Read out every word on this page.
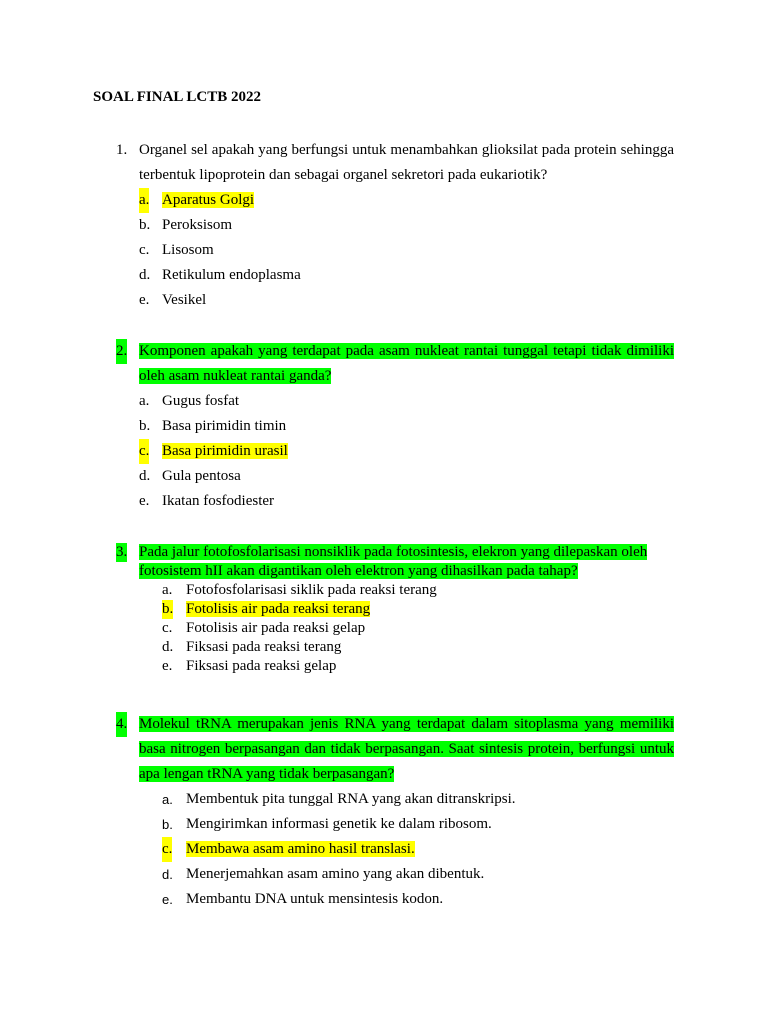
SOAL FINAL LCTB 2022
1. Organel sel apakah yang berfungsi untuk menambahkan glioksilat pada protein sehingga terbentuk lipoprotein dan sebagai organel sekretori pada eukariotik?
a. Aparatus Golgi
b. Peroksisom
c. Lisosom
d. Retikulum endoplasma
e. Vesikel
2. Komponen apakah yang terdapat pada asam nukleat rantai tunggal tetapi tidak dimiliki oleh asam nukleat rantai ganda?
a. Gugus fosfat
b. Basa pirimidin timin
c. Basa pirimidin urasil
d. Gula pentosa
e. Ikatan fosfodiester
3. Pada jalur fotofosfolarisasi nonsiklik pada fotosintesis, elekron yang dilepaskan oleh
fotosistem hII akan digantikan oleh elektron yang dihasilkan pada tahap?
a. Fotofosfolarisasi siklik pada reaksi terang
b. Fotolisis air pada reaksi terang
c. Fotolisis air pada reaksi gelap
d. Fiksasi pada reaksi terang
e. Fiksasi pada reaksi gelap
4. Molekul tRNA merupakan jenis RNA yang terdapat dalam sitoplasma yang memiliki basa nitrogen berpasangan dan tidak berpasangan. Saat sintesis protein, berfungsi untuk apa lengan tRNA yang tidak berpasangan?
a. Membentuk pita tunggal RNA yang akan ditranskripsi.
b. Mengirimkan informasi genetik ke dalam ribosom.
c. Membawa asam amino hasil translasi.
d. Menerjemahkan asam amino yang akan dibentuk.
e. Membantu DNA untuk mensintesis kodon.
